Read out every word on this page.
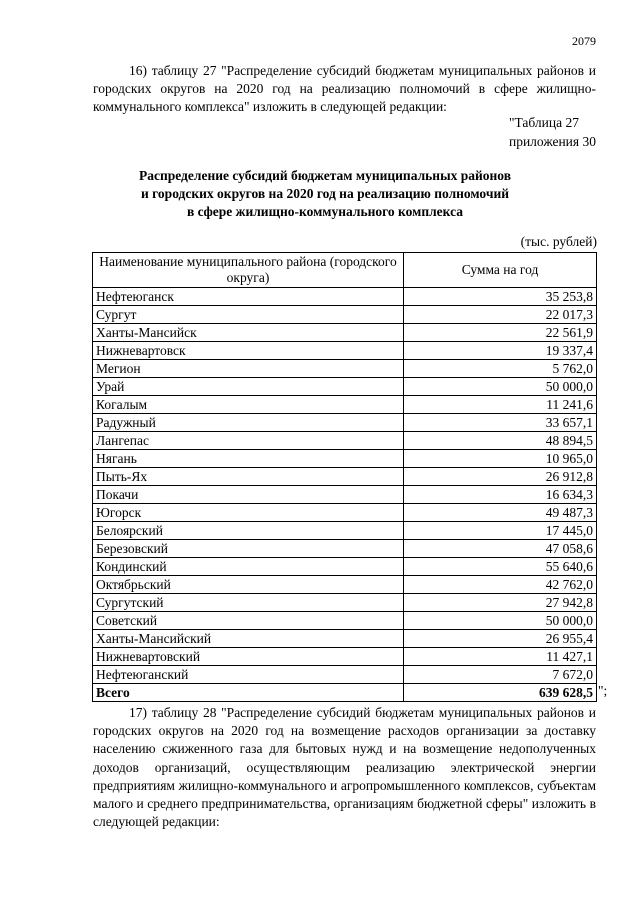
2079

16) таблицу 27 "Распределение субсидий бюджетам муниципальных районов и городских округов на 2020 год на реализацию полномочий в сфере жилищно-коммунального комплекса" изложить в следующей редакции:

"Таблица 27
приложения 30
Распределение субсидий бюджетам муниципальных районов
и городских округов на 2020 год на реализацию полномочий
в сфере жилищно-коммунального комплекса
(тыс. рублей)
Наименование муниципального района (городского округа)	Сумма на год
Нефтеюганск	35 253,8
Сургут	22 017,3
Ханты-Мансийск	22 561,9
Нижневартовск	19 337,4
Мегион	5 762,0
Урай	50 000,0
Когалым	11 241,6
Радужный	33 657,1
Лангепас	48 894,5
Нягань	10 965,0
Пыть-Ях	26 912,8
Покачи	16 634,3
Югорск	49 487,3
Белоярский	17 445,0
Березовский	47 058,6
Кондинский	55 640,6
Октябрьский	42 762,0
Сургутский	27 942,8
Советский	50 000,0
Ханты-Мансийский	26 955,4
Нижневартовский	11 427,1
Нефтеюганский	7 672,0
Всего	639 628,5 ";

17) таблицу 28 "Распределение субсидий бюджетам муниципальных районов и городских округов на 2020 год на возмещение расходов организации за доставку населению сжиженного газа для бытовых нужд и на возмещение недополученных доходов организаций, осуществляющим реализацию электрической энергии предприятиям жилищно-коммунального и агропромышленного комплексов, субъектам малого и среднего предпринимательства, организациям бюджетной сферы" изложить в следующей редакции:
